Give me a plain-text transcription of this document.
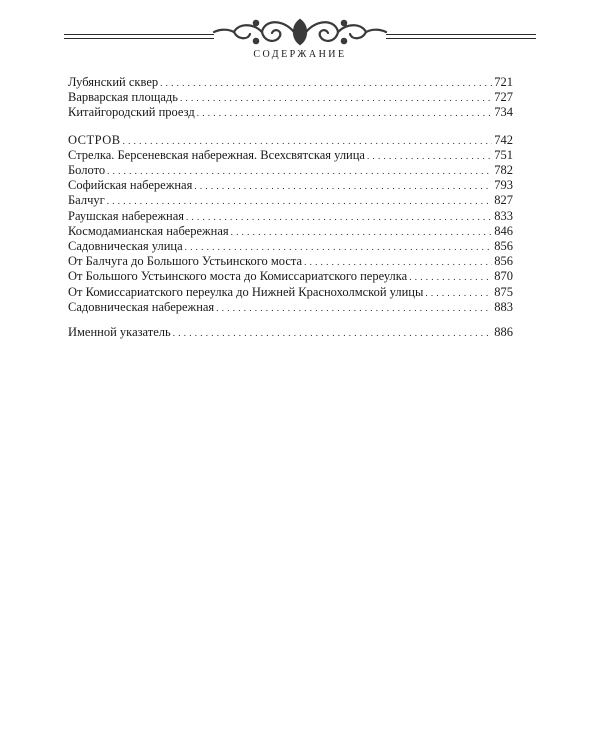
СОДЕРЖАНИЕ
Лубянский сквер . . .	721
Варварская площадь . . .	727
Китайгородский проезд . . .	734
ОСТРОВ . . .	742
Стрелка. Берсеневская набережная. Всехсвятская улица . . .	751
Болото . . .	782
Софийская набережная . . .	793
Балчуг . . .	827
Раушская набережная . . .	833
Космодамианская набережная . . .	846
Садовническая улица . . .	856
От Балчуга до Большого Устьинского моста . . .	856
От Большого Устьинского моста до Комиссариатского переулка . . .	870
От Комиссариатского переулка до Нижней Краснохолмской улицы . . .	875
Садовническая набережная . . .	883
Именной указатель . . .	886
